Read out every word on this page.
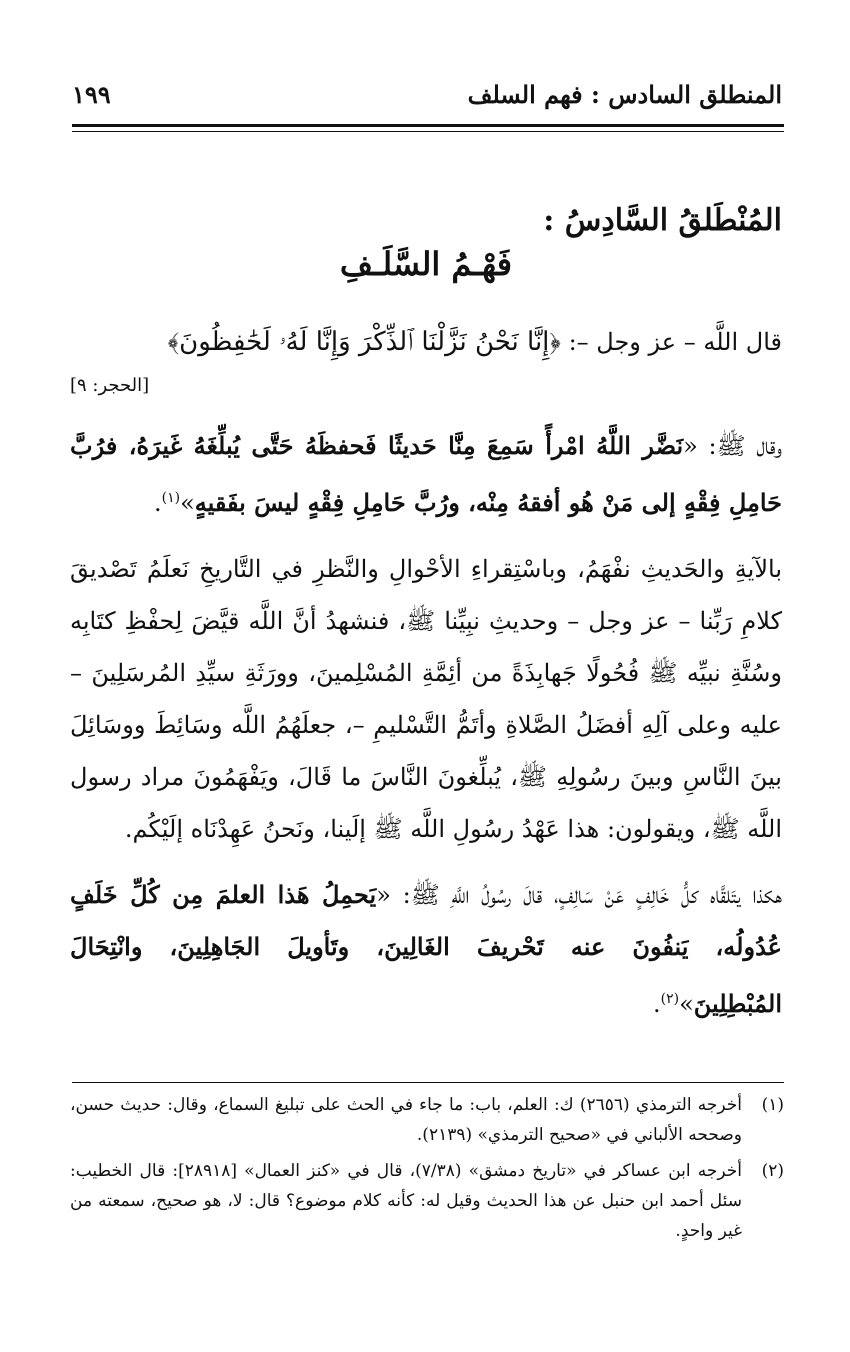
المنطلق السادس : فهم السلف
١٩٩
المُنْطَلقُ السَّادِسُ :
فَهْـمُ السَّلَـفِ

قال اللَّه – عز وجل –: ﴿إِنَّا نَحْنُ نَزَّلْنَا ٱلذِّكْرَ وَإِنَّا لَهُۥ لَحَٰفِظُونَ﴾

[الحجر: ٩]

وقال ﷺ: «نَضَّر اللَّهُ امْرأً سَمِعَ مِنَّا حَديثًا فَحفظَهُ حَتَّى يُبلِّغَهُ غَيرَهُ، فرُبَّ حَامِلِ فِقْهٍ إلى مَنْ هُو أفقهُ مِنْه، ورُبَّ حَامِلِ فِقْهٍ ليسَ بفَقيهٍ»$^{(١)}$.

بالآيةِ والحَديثِ نفْهَمُ، وباسْتِقراءِ الأحْوالِ والنَّظرِ في التَّاريخِ نَعلَمُ تَصْديقَ كلامِ رَبِّنا – عز وجل – وحديثِ نبِيِّنا ﷺ، فنشهدُ أنَّ اللَّه قيَّضَ لِحفْظِ كتَابِه وسُنَّةِ نبيِّه ﷺ فُحُولًا جَهابِذَةً من أئِمَّةِ المُسْلِمينَ، وورَثَةِ سيِّدِ المُرسَلِينَ – عليه وعلى آلِهِ أفضَلُ الصَّلاةِ وأتَمُّ التَّسْليمِ –، جعلَهُمُ اللَّه وسَائِطَ ووسَائِلَ بينَ النَّاسِ وبينَ رسُولِهِ ﷺ، يُبلِّغونَ النَّاسَ ما قَالَ، ويَفْهَمُونَ مراد رسول اللَّه ﷺ، ويقولون: هذا عَهْدُ رسُولِ اللَّه ﷺ إلَينا، ونَحنُ عَهِدْنَاه إلَيْكُم.

هكذا يتَلقَّاه كلُّ خَالِفٍ عَنْ سَالِفٍ، قالَ رسُولُ اللَّهِ ﷺ: «يَحمِلُ هَذا العلمَ مِن كُلِّ خَلَفٍ عُدُولُه، يَنفُونَ عنه تَحْريفَ الغَالِينَ، وتَأويلَ الجَاهِلِينَ، وانْتِحَالَ المُبْطِلِينَ»$^{(٢)}$.

(١)
أخرجه الترمذي (٢٦٥٦) ك: العلم، باب: ما جاء في الحث على تبليغ السماع، وقال: حديث حسن، وصححه الألباني في «صحيح الترمذي» (٢١٣٩).
(٢)
أخرجه ابن عساكر في «تاريخ دمشق» (٧/٣٨)، قال في «كنز العمال» [٢٨٩١٨]: قال الخطيب: سئل أحمد ابن حنبل عن هذا الحديث وقيل له: كأنه كلام موضوع؟ قال: لا، هو صحيح، سمعته من غير واحدٍ.
